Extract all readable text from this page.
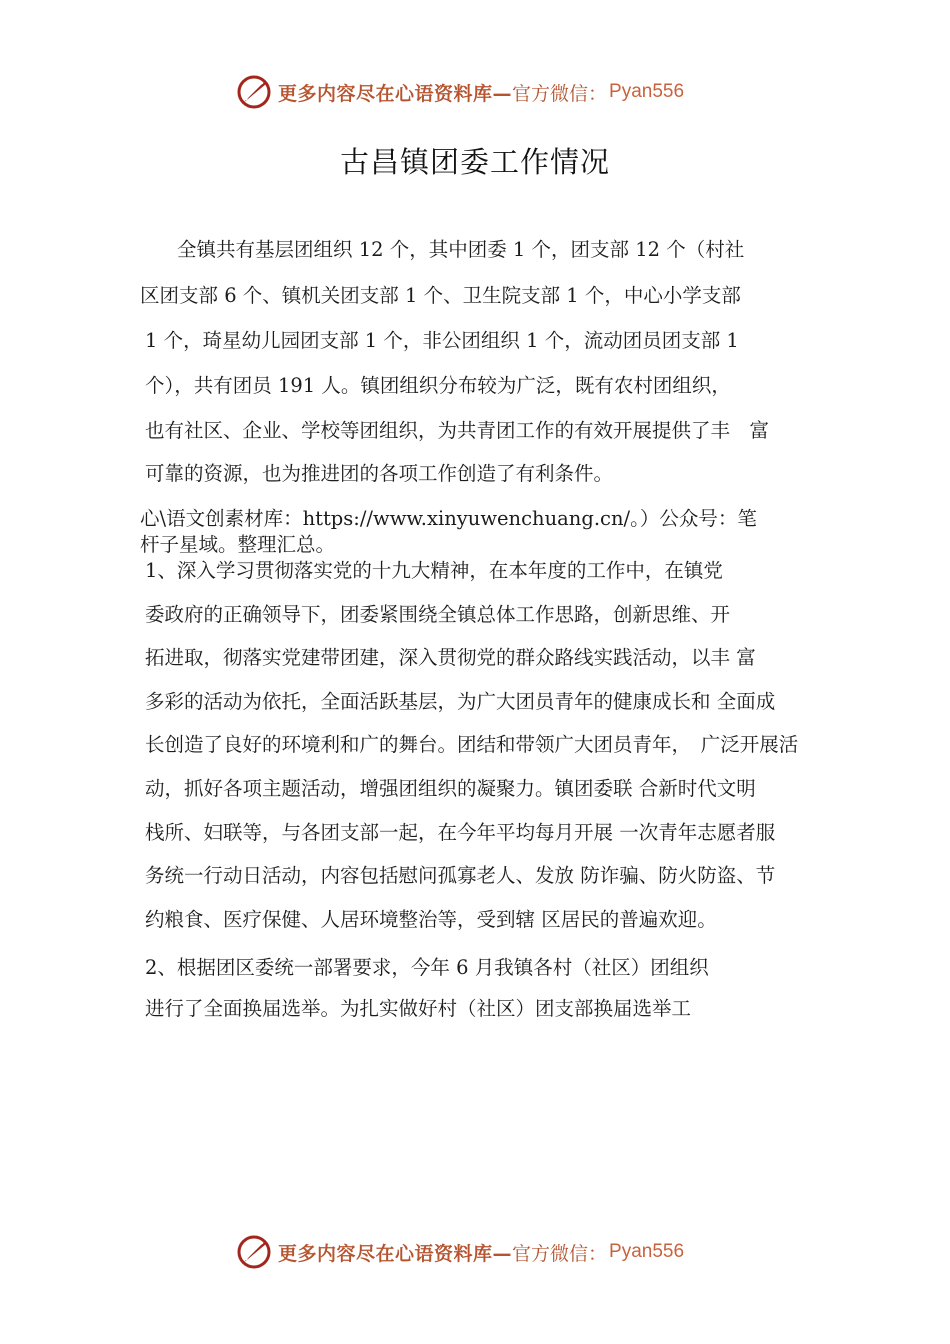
更多内容尽在心语资料库— 官方微信： Pyan556
古昌镇团委工作情况
全镇共有基层团组织 12 个，其中团委 1 个，团支部 12 个（村社
区团支部 6 个、镇机关团支部 1 个、卫生院支部 1 个，中心小学支部
1 个，琦星幼儿园团支部 1 个，非公团组织 1 个，流动团员团支部 1
个），共有团员 191 人。镇团组织分布较为广泛，既有农村团组织，
也有社区、企业、学校等团组织，为共青团工作的有效开展提供了丰　富
可靠的资源，也为推进团的各项工作创造了有利条件。
心\语文创素材库：https://www.xinyuwenchuang.cn/。）公众号：笔
杆子星域。整理汇总。
1、深入学习贯彻落实党的十九大精神，在本年度的工作中，在镇党
委政府的正确领导下，团委紧围绕全镇总体工作思路，创新思维、开
拓进取，彻落实党建带团建，深入贯彻党的群众路线实践活动，以丰 富
多彩的活动为依托，全面活跃基层，为广大团员青年的健康成长和 全面成
长创造了良好的环境利和广的舞台。团结和带领广大团员青年，　广泛开展活
动，抓好各项主题活动，增强团组织的凝聚力。镇团委联 合新时代文明
栈所、妇联等，与各团支部一起，在今年平均每月开展 一次青年志愿者服
务统一行动日活动，内容包括慰问孤寡老人、发放 防诈骗、防火防盗、节
约粮食、医疗保健、人居环境整治等，受到辖 区居民的普遍欢迎。
2、根据团区委统一部署要求，今年 6 月我镇各村（社区）团组织
进行了全面换届选举。为扎实做好村（社区）团支部换届选举工
更多内容尽在心语资料库— 官方微信： Pyan556
